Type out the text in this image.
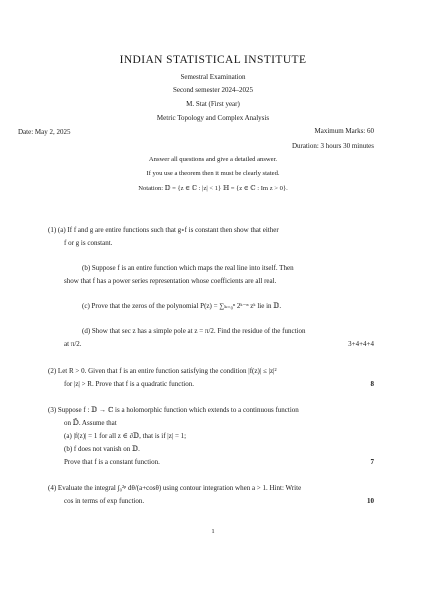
INDIAN STATISTICAL INSTITUTE
Semestral Examination
Second semester 2024–2025
M. Stat (First year)
Metric Topology and Complex Analysis
Date: May 2, 2025	Maximum Marks: 60
Duration: 3 hours 30 minutes
Answer all questions and give a detailed answer.
If you use a theorem then it must be clearly stated.
Notation: 𝔻 = {z ∈ ℂ : |z| < 1} ℍ = {z ∈ ℂ : Im z > 0}.
(1) (a) If f and g are entire functions such that g∘f is constant then show that either
f or g is constant.
(b) Suppose f is an entire function which maps the real line into itself. Then
show that f has a power series representation whose coefficients are all real.
(c) Prove that the zeros of the polynomial P(z) = ∑ₖ₌₀ⁿ 2ᵏ⁻ⁿ zᵏ lie in 𝔻.
(d) Show that sec z has a simple pole at z = π/2. Find the residue of the function
at π/2.	3+4+4+4
(2) Let R > 0. Given that f is an entire function satisfying the condition |f(z)| ≤ |z|²
for |z| > R. Prove that f is a quadratic function.	8
(3) Suppose f : 𝔻 → ℂ is a holomorphic function which extends to a continuous function
on 𝔻̄. Assume that
(a) |f(z)| = 1 for all z ∈ ∂𝔻, that is if |z| = 1;
(b) f does not vanish on 𝔻.
Prove that f is a constant function.	7
(4) Evaluate the integral ∫₀²ᵖ dθ/(a+cosθ) using contour integration when a > 1. Hint: Write
cos in terms of exp function.	10
1
